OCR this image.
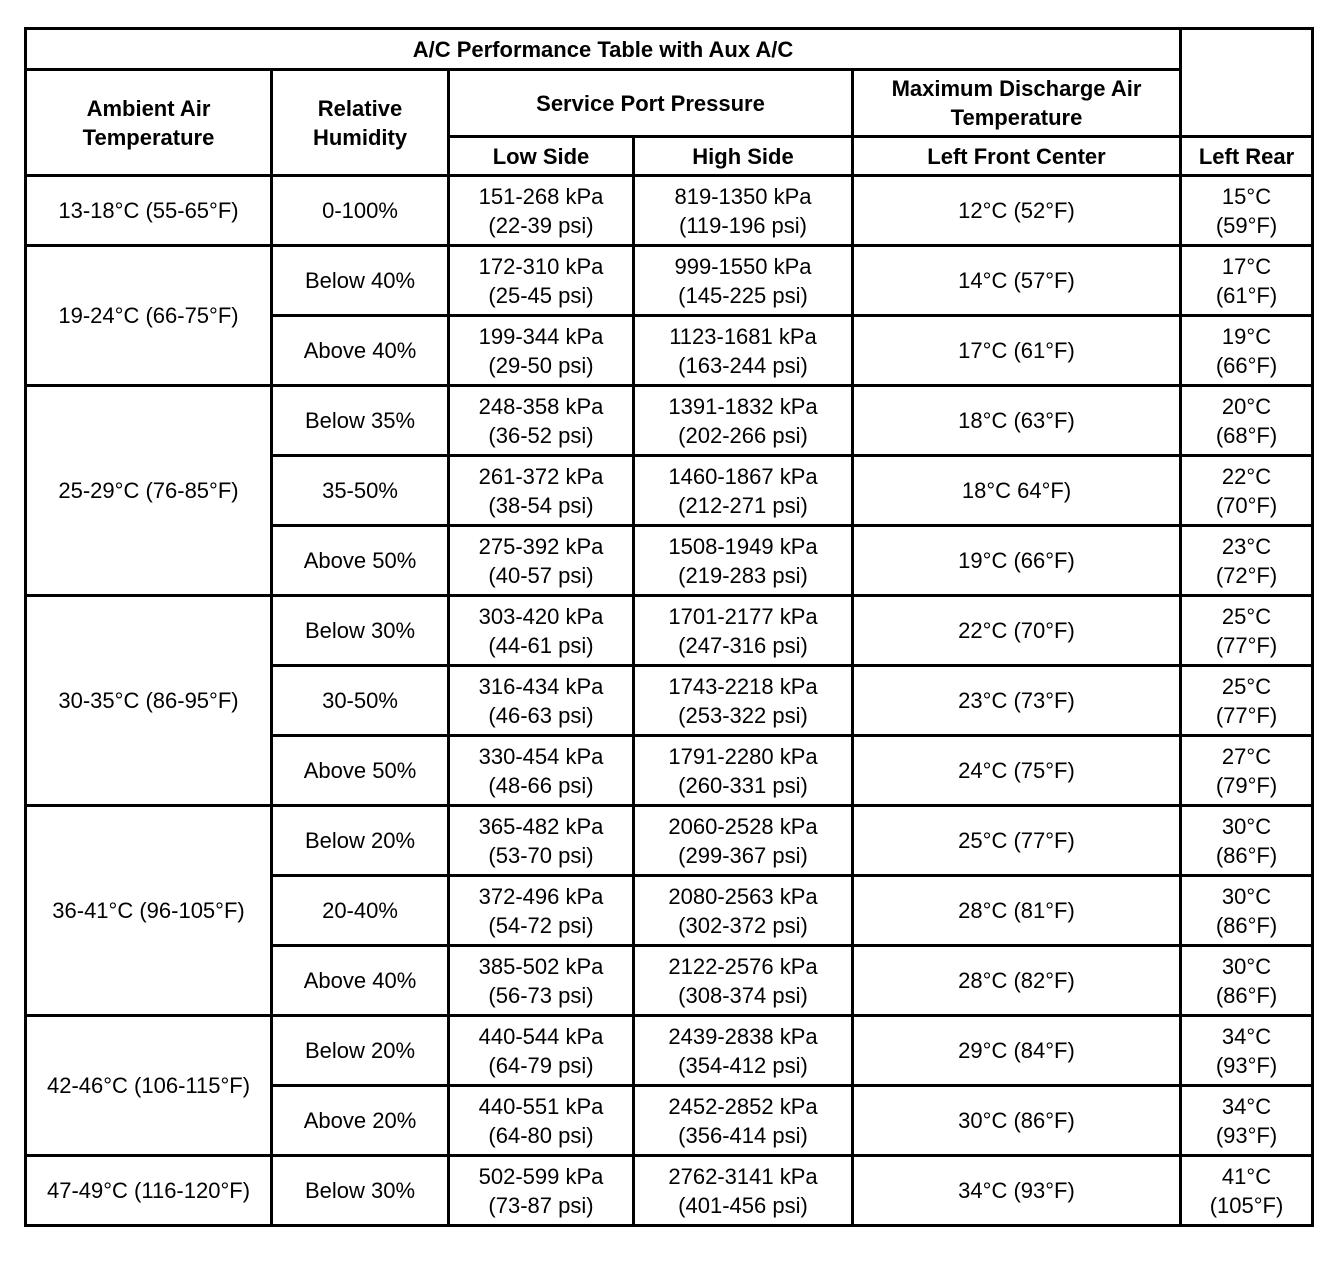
A/C Performance Table with Aux A/C					
Ambient Air Temperature	Relative Humidity	Service Port Pressure		Maximum Discharge Air Temperature	
		Low Side	High Side	Left Front Center	Left Rear
13-18°C (55-65°F)	0-100%	151-268 kPa
(22-39 psi)	819-1350 kPa
(119-196 psi)	12°C (52°F)	15°C
(59°F)

19-24°C (66-75°F)	Below 40%	172-310 kPa
(25-45 psi)	999-1550 kPa
(145-225 psi)	14°C (57°F)	17°C
(61°F)

	Above 40%	199-344 kPa
(29-50 psi)	1123-1681 kPa
(163-244 psi)	17°C (61°F)	19°C
(66°F)

25-29°C (76-85°F)	Below 35%	248-358 kPa
(36-52 psi)	1391-1832 kPa
(202-266 psi)	18°C (63°F)	20°C
(68°F)

	35-50%	261-372 kPa
(38-54 psi)	1460-1867 kPa
(212-271 psi)	18°C 64°F)	22°C
(70°F)

	Above 50%	275-392 kPa
(40-57 psi)	1508-1949 kPa
(219-283 psi)	19°C (66°F)	23°C
(72°F)

30-35°C (86-95°F)	Below 30%	303-420 kPa
(44-61 psi)	1701-2177 kPa
(247-316 psi)	22°C (70°F)	25°C
(77°F)

	30-50%	316-434 kPa
(46-63 psi)	1743-2218 kPa
(253-322 psi)	23°C (73°F)	25°C
(77°F)

	Above 50%	330-454 kPa
(48-66 psi)	1791-2280 kPa
(260-331 psi)	24°C (75°F)	27°C
(79°F)

36-41°C (96-105°F)	Below 20%	365-482 kPa
(53-70 psi)	2060-2528 kPa
(299-367 psi)	25°C (77°F)	30°C
(86°F)

	20-40%	372-496 kPa
(54-72 psi)	2080-2563 kPa
(302-372 psi)	28°C (81°F)	30°C
(86°F)

	Above 40%	385-502 kPa
(56-73 psi)	2122-2576 kPa
(308-374 psi)	28°C (82°F)	30°C
(86°F)

42-46°C (106-115°F)	Below 20%	440-544 kPa
(64-79 psi)	2439-2838 kPa
(354-412 psi)	29°C (84°F)	34°C
(93°F)

	Above 20%	440-551 kPa
(64-80 psi)	2452-2852 kPa
(356-414 psi)	30°C (86°F)	34°C
(93°F)

47-49°C (116-120°F)	Below 30%	502-599 kPa
(73-87 psi)	2762-3141 kPa
(401-456 psi)	34°C (93°F)	41°C
(105°F)
